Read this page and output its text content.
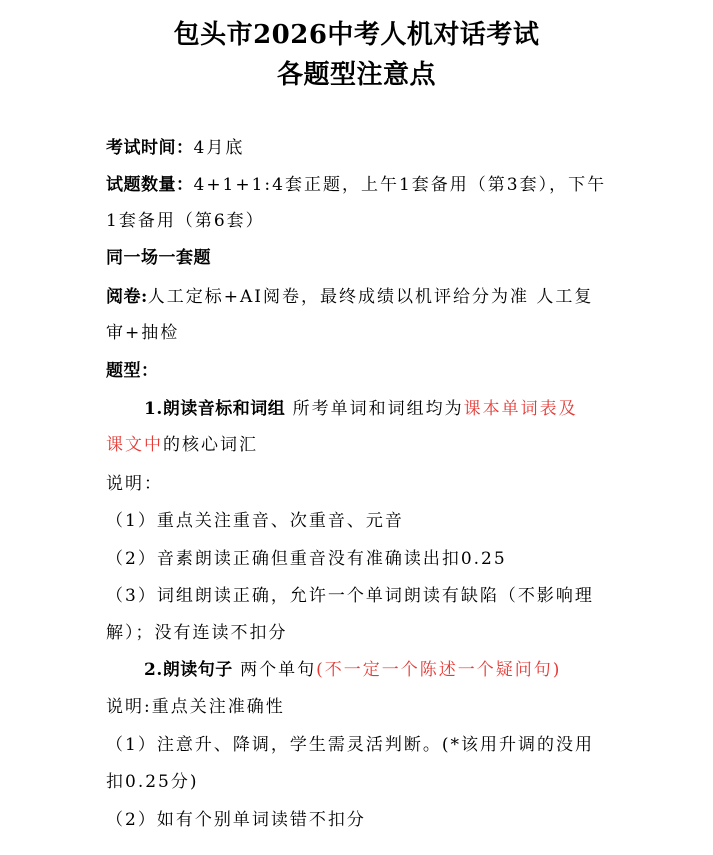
包头市2026中考人机对话考试
各题型注意点
考试时间：4月底
试题数量：4+1+1:4套正题，上午1套备用（第3套），下午
1套备用（第6套）
同一场一套题
阅卷:人工定标+AI阅卷，最终成绩以机评给分为准 人工复
审+抽检
题型：
1.朗读音标和词组 所考单词和词组均为课本单词表及
课文中的核心词汇
说明：
（1）重点关注重音、次重音、元音
（2）音素朗读正确但重音没有准确读出扣0.25
（3）词组朗读正确，允许一个单词朗读有缺陷（不影响理
解）；没有连读不扣分
2.朗读句子 两个单句(不一定一个陈述一个疑问句)
说明:重点关注准确性
（1）注意升、降调，学生需灵活判断。(*该用升调的没用
扣0.25分)
（2）如有个别单词读错不扣分
